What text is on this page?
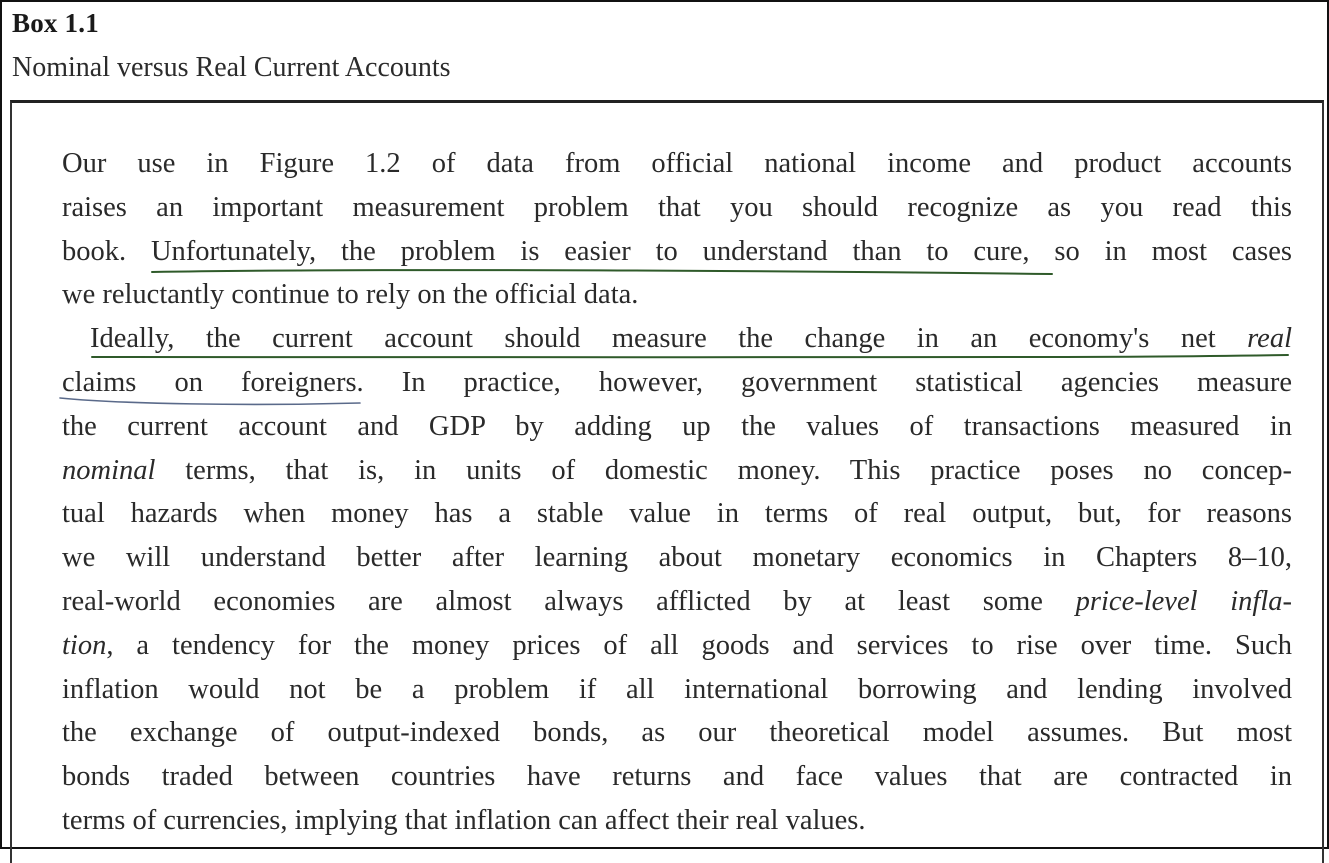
Box 1.1
Nominal versus Real Current Accounts
Our use in Figure 1.2 of data from official national income and product accounts
raises an important measurement problem that you should recognize as you read this
book. Unfortunately, the problem is easier to understand than to cure, so in most cases
we reluctantly continue to rely on the official data.
Ideally, the current account should measure the change in an economy's net real
claims on foreigners. In practice, however, government statistical agencies measure
the current account and GDP by adding up the values of transactions measured in
nominal terms, that is, in units of domestic money. This practice poses no concep-
tual hazards when money has a stable value in terms of real output, but, for reasons
we will understand better after learning about monetary economics in Chapters 8–10,
real-world economies are almost always afflicted by at least some price-level infla-
tion, a tendency for the money prices of all goods and services to rise over time. Such
inflation would not be a problem if all international borrowing and lending involved
the exchange of output-indexed bonds, as our theoretical model assumes. But most
bonds traded between countries have returns and face values that are contracted in
terms of currencies, implying that inflation can affect their real values.
